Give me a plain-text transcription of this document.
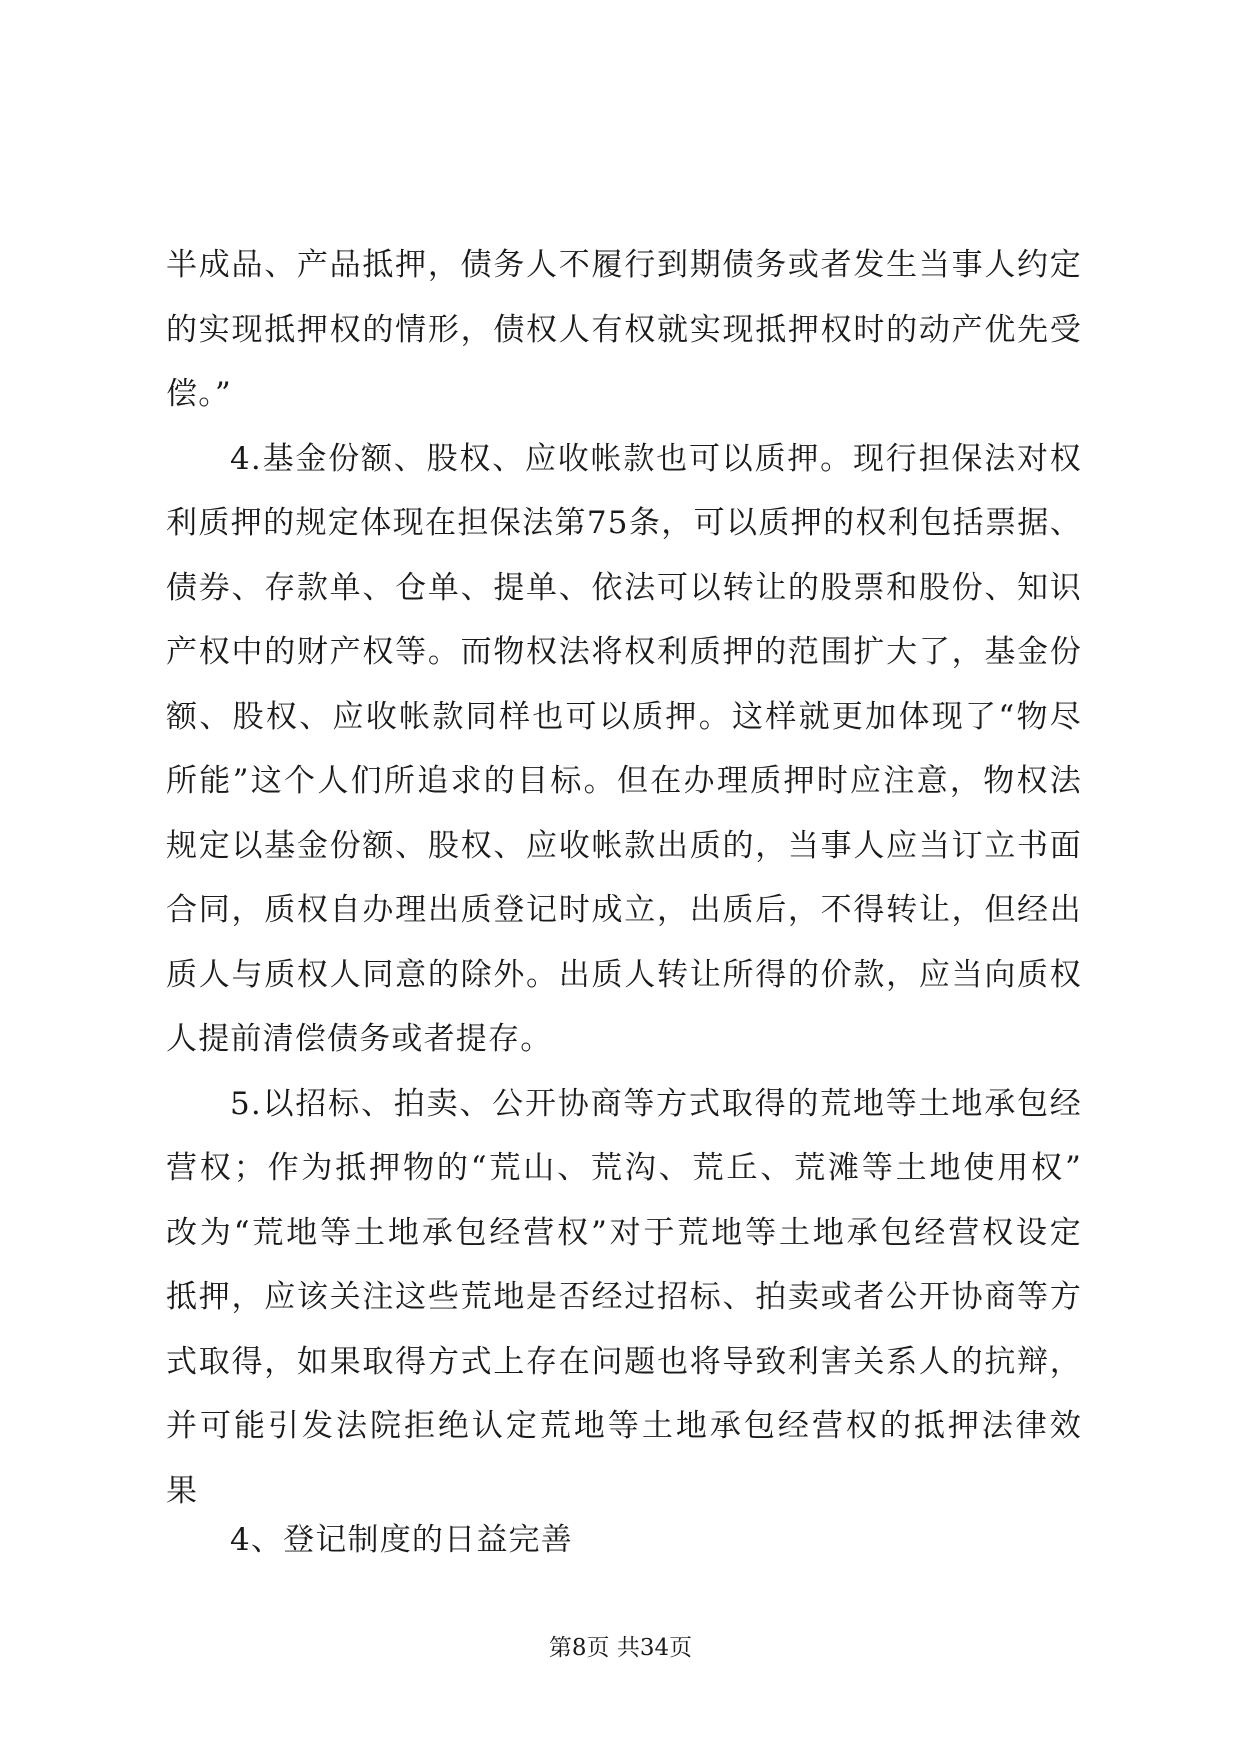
半成品、产品抵押，债务人不履行到期债务或者发生当事人约定
的实现抵押权的情形，债权人有权就实现抵押权时的动产优先受
偿。”
4.基金份额、股权、应收帐款也可以质押。现行担保法对权
利质押的规定体现在担保法第75条，可以质押的权利包括票据、
债券、存款单、仓单、提单、依法可以转让的股票和股份、知识
产权中的财产权等。而物权法将权利质押的范围扩大了，基金份
额、股权、应收帐款同样也可以质押。这样就更加体现了“物尽
所能”这个人们所追求的目标。但在办理质押时应注意，物权法
规定以基金份额、股权、应收帐款出质的，当事人应当订立书面
合同，质权自办理出质登记时成立，出质后，不得转让，但经出
质人与质权人同意的除外。出质人转让所得的价款，应当向质权
人提前清偿债务或者提存。
5.以招标、拍卖、公开协商等方式取得的荒地等土地承包经
营权；作为抵押物的“荒山、荒沟、荒丘、荒滩等土地使用权”
改为“荒地等土地承包经营权”对于荒地等土地承包经营权设定
抵押，应该关注这些荒地是否经过招标、拍卖或者公开协商等方
式取得，如果取得方式上存在问题也将导致利害关系人的抗辩，
并可能引发法院拒绝认定荒地等土地承包经营权的抵押法律效
果
4、登记制度的日益完善
第8页 共34页
